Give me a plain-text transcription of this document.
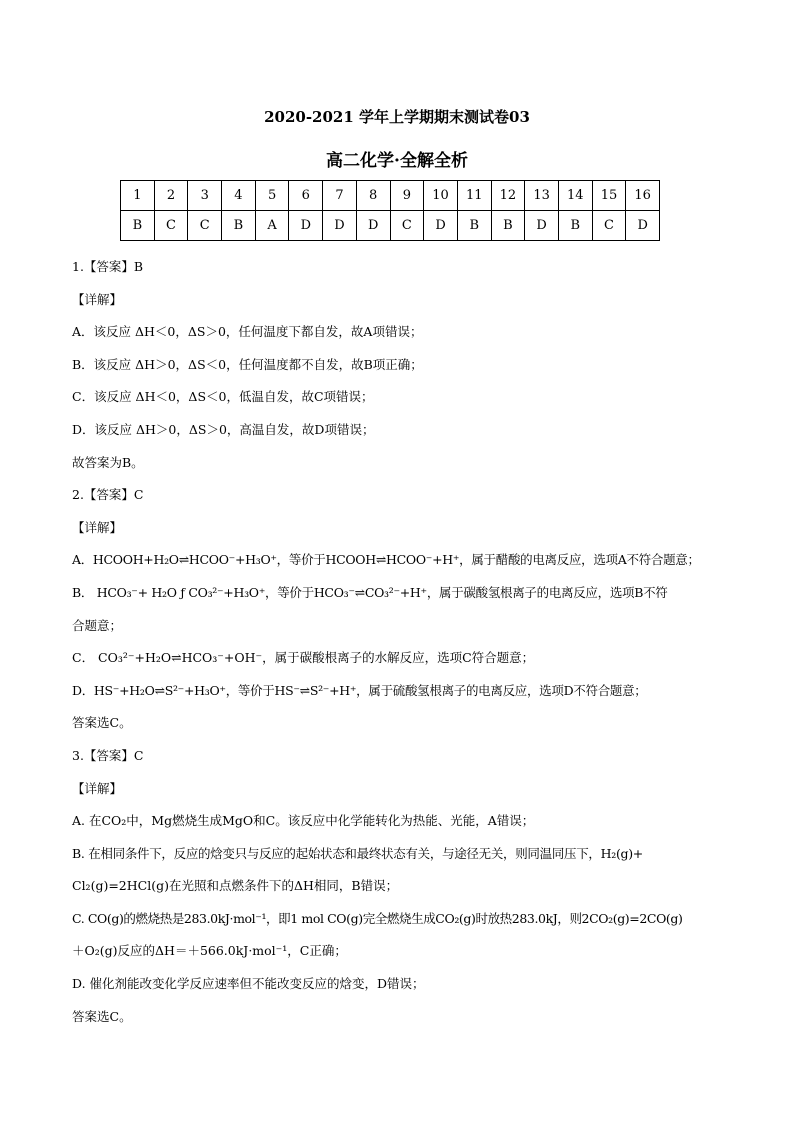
2020-2021 学年上学期期末测试卷03
高二化学·全解全析
1	2	3	4	5	6	7	8	9	10	11	12	13	14	15	16
B	C	C	B	A	D	D	D	C	D	B	B	D	B	C	D

1.【答案】B

【详解】

A．该反应 ΔH＜0，ΔS＞0，任何温度下都自发，故A项错误；

B．该反应 ΔH＞0，ΔS＜0，任何温度都不自发，故B项正确；

C．该反应 ΔH＜0，ΔS＜0，低温自发，故C项错误；

D．该反应 ΔH＞0，ΔS＞0，高温自发，故D项错误；

故答案为B。

2.【答案】C

【详解】

A．HCOOH+H₂O⇌HCOO⁻+H₃O⁺，等价于HCOOH⇌HCOO⁻+H⁺，属于醋酸的电离反应，选项A不符合题意；

B． HCO₃⁻+ H₂O ƒ CO₃²⁻+H₃O⁺，等价于HCO₃⁻⇌CO₃²⁻+H⁺，属于碳酸氢根离子的电离反应，选项B不符

合题意；

C． CO₃²⁻+H₂O⇌HCO₃⁻+OH⁻，属于碳酸根离子的水解反应，选项C符合题意；

D．HS⁻+H₂O⇌S²⁻+H₃O⁺，等价于HS⁻⇌S²⁻+H⁺，属于硫酸氢根离子的电离反应，选项D不符合题意；

答案选C。

3.【答案】C

【详解】

A. 在CO₂中，Mg燃烧生成MgO和C。该反应中化学能转化为热能、光能，A错误；

B. 在相同条件下，反应的焓变只与反应的起始状态和最终状态有关，与途径无关，则同温同压下，H₂(g)+

Cl₂(g)=2HCl(g)在光照和点燃条件下的ΔH相同，B错误；

C. CO(g)的燃烧热是283.0kJ·mol⁻¹，即1 mol CO(g)完全燃烧生成CO₂(g)时放热283.0kJ，则2CO₂(g)=2CO(g)

＋O₂(g)反应的ΔH＝＋566.0kJ·mol⁻¹，C正确；

D. 催化剂能改变化学反应速率但不能改变反应的焓变，D错误；

答案选C。
